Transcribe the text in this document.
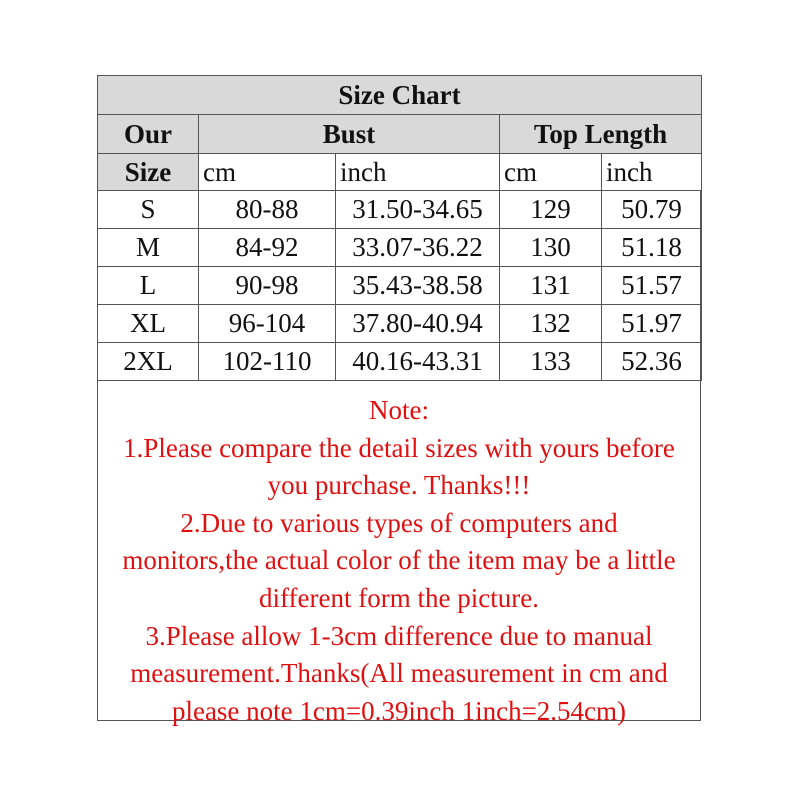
Size Chart				
Our	Bust		Top Length	
Size	cm	inch	cm	inch
S	80-88	31.50-34.65	129	50.79
M	84-92	33.07-36.22	130	51.18
L	90-98	35.43-38.58	131	51.57
XL	96-104	37.80-40.94	132	51.97
2XL	102-110	40.16-43.31	133	52.36
Note:
1.Please compare the detail sizes with yours before
you purchase. Thanks!!!
2.Due to various types of computers and
monitors,the actual color of the item may be a little
different form the picture.
3.Please allow 1-3cm difference due to manual
measurement.Thanks(All measurement in cm and
please note 1cm=0.39inch 1inch=2.54cm)
